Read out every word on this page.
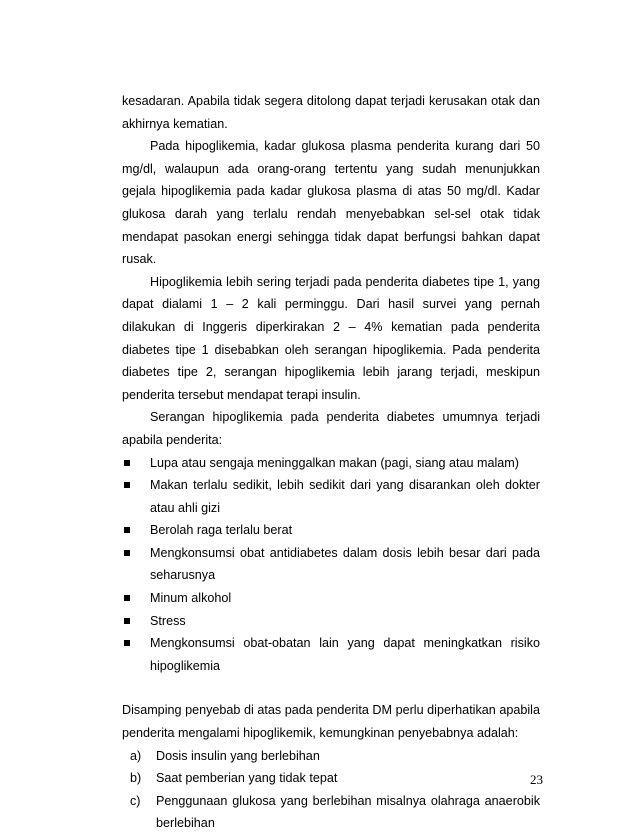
kesadaran. Apabila tidak segera ditolong dapat terjadi kerusakan otak dan akhirnya kematian.

Pada hipoglikemia, kadar glukosa plasma penderita kurang dari 50 mg/dl, walaupun ada orang-orang tertentu yang sudah menunjukkan gejala hipoglikemia pada kadar glukosa plasma di atas 50 mg/dl. Kadar glukosa darah yang terlalu rendah menyebabkan sel-sel otak tidak mendapat pasokan energi sehingga tidak dapat berfungsi bahkan dapat rusak.

Hipoglikemia lebih sering terjadi pada penderita diabetes tipe 1, yang dapat dialami 1 – 2 kali perminggu. Dari hasil survei yang pernah dilakukan di Inggeris diperkirakan 2 – 4% kematian pada penderita diabetes tipe 1 disebabkan oleh serangan hipoglikemia. Pada penderita diabetes tipe 2, serangan hipoglikemia lebih jarang terjadi, meskipun penderita tersebut mendapat terapi insulin.

Serangan hipoglikemia pada penderita diabetes umumnya terjadi apabila penderita:

Lupa atau sengaja meninggalkan makan (pagi, siang atau malam)
Makan terlalu sedikit, lebih sedikit dari yang disarankan oleh dokter atau ahli gizi
Berolah raga terlalu berat
Mengkonsumsi obat antidiabetes dalam dosis lebih besar dari pada seharusnya
Minum alkohol
Stress
Mengkonsumsi obat-obatan lain yang dapat meningkatkan risiko hipoglikemia

Disamping penyebab di atas pada penderita DM perlu diperhatikan apabila penderita mengalami hipoglikemik, kemungkinan penyebabnya adalah:

a) Dosis insulin yang berlebihan
b) Saat pemberian yang tidak tepat
c) Penggunaan glukosa yang berlebihan misalnya olahraga anaerobik berlebihan
23
